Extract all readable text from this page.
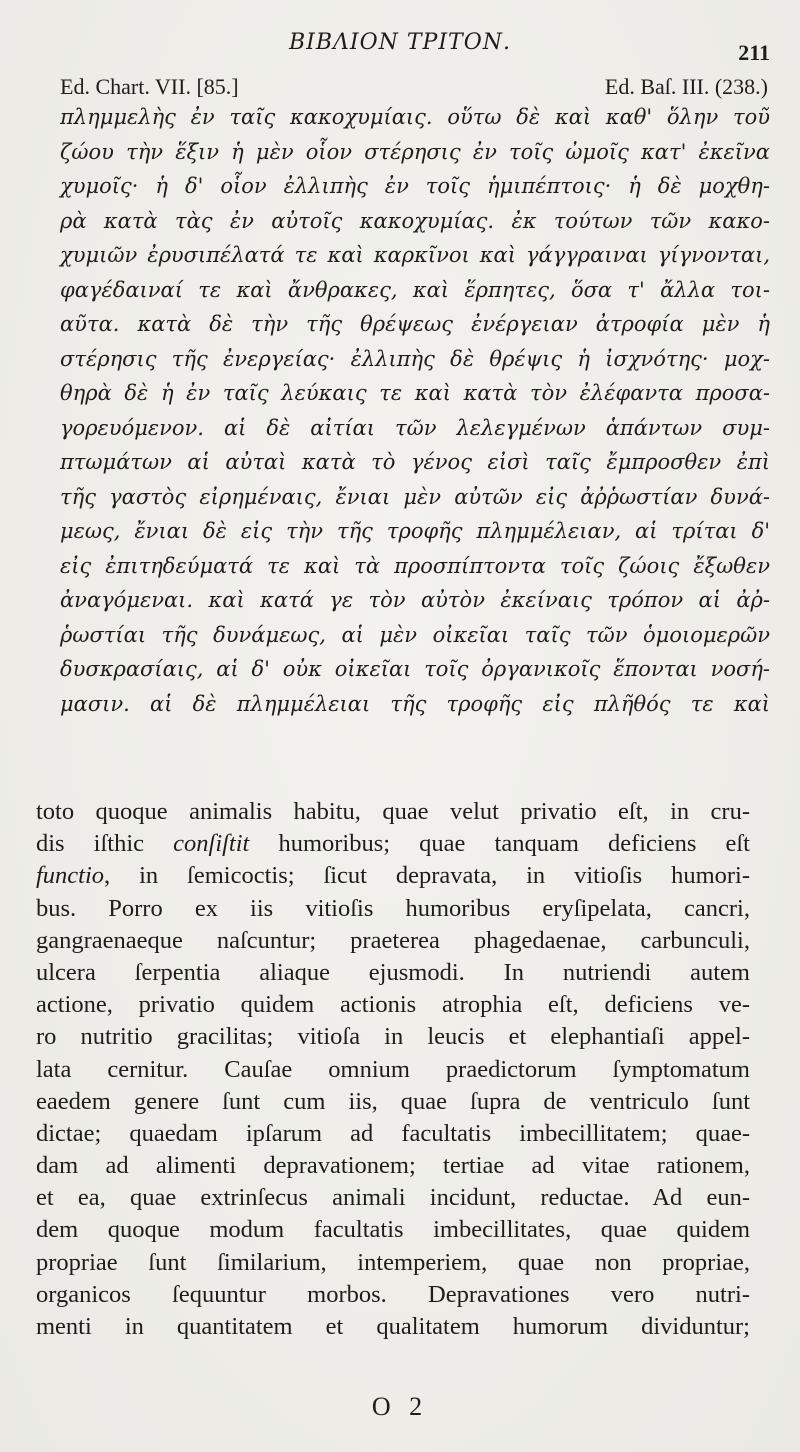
ΒΙΒΛΙΟΝ ΤΡΙΤΟΝ.	211
Ed. Chart. VII. [85.]	Ed. Baſ. III. (238.)
πλημμελὴς ἐν ταῖς κακοχυμίαις. οὕτω δὲ καὶ καθ' ὅλην τοῦ
ζώου τὴν ἕξιν ἡ μὲν οἷον στέρησις ἐν τοῖς ὠμοῖς κατ' ἐκεῖνα
χυμοῖς· ἡ δ' οἷον ἐλλιπὴς ἐν τοῖς ἡμιπέπτοις· ἡ δὲ μοχθη-
ρὰ κατὰ τὰς ἐν αὐτοῖς κακοχυμίας. ἐκ τούτων τῶν κακο-
χυμιῶν ἐρυσιπέλατά τε καὶ καρκῖνοι καὶ γάγγραιναι γίγνονται,
φαγέδαιναί τε καὶ ἄνθρακες, καὶ ἕρπητες, ὅσα τ' ἄλλα τοι-
αῦτα. κατὰ δὲ τὴν τῆς θρέψεως ἐνέργειαν ἀτροφία μὲν ἡ
στέρησις τῆς ἐνεργείας· ἐλλιπὴς δὲ θρέψις ἡ ἰσχνότης· μοχ-
θηρὰ δὲ ἡ ἐν ταῖς λεύκαις τε καὶ κατὰ τὸν ἐλέφαντα προσα-
γορευόμενον. αἱ δὲ αἰτίαι τῶν λελεγμένων ἁπάντων συμ-
πτωμάτων αἱ αὐταὶ κατὰ τὸ γένος εἰσὶ ταῖς ἔμπροσθεν ἐπὶ
τῆς γαστὸς εἰρημέναις, ἔνιαι μὲν αὐτῶν εἰς ἀῤῥωστίαν δυνά-
μεως, ἔνιαι δὲ εἰς τὴν τῆς τροφῆς πλημμέλειαν, αἱ τρίται δ'
εἰς ἐπιτηδεύματά τε καὶ τὰ προσπίπτοντα τοῖς ζώοις ἔξωθεν
ἀναγόμεναι. καὶ κατά γε τὸν αὐτὸν ἐκείναις τρόπον αἱ ἀῤ-
ῥωστίαι τῆς δυνάμεως, αἱ μὲν οἰκεῖαι ταῖς τῶν ὁμοιομερῶν
δυσκρασίαις, αἱ δ' οὐκ οἰκεῖαι τοῖς ὀργανικοῖς ἕπονται νοσή-
μασιν. αἱ δὲ πλημμέλειαι τῆς τροφῆς εἰς πλῆθός τε καὶ
toto quoque animalis habitu, quae velut privatio eſt, in cru-
dis iſthic conſiſtit humoribus; quae tanquam deficiens eſt
functio, in ſemicoctis; ſicut depravata, in vitioſis humori-
bus. Porro ex iis vitioſis humoribus eryſipelata, cancri,
gangraenaeque naſcuntur; praeterea phagedaenae, carbunculi,
ulcera ſerpentia aliaque ejusmodi. In nutriendi autem
actione, privatio quidem actionis atrophia eſt, deficiens ve-
ro nutritio gracilitas; vitioſa in leucis et elephantiaſi appel-
lata cernitur. Cauſae omnium praedictorum ſymptomatum
eaedem genere ſunt cum iis, quae ſupra de ventriculo ſunt
dictae; quaedam ipſarum ad facultatis imbecillitatem; quae-
dam ad alimenti depravationem; tertiae ad vitae rationem,
et ea, quae extrinſecus animali incidunt, reductae. Ad eun-
dem quoque modum facultatis imbecillitates, quae quidem
propriae ſunt ſimilarium, intemperiem, quae non propriae,
organicos ſequuntur morbos. Depravationes vero nutri-
menti in quantitatem et qualitatem humorum dividuntur;
O 2
